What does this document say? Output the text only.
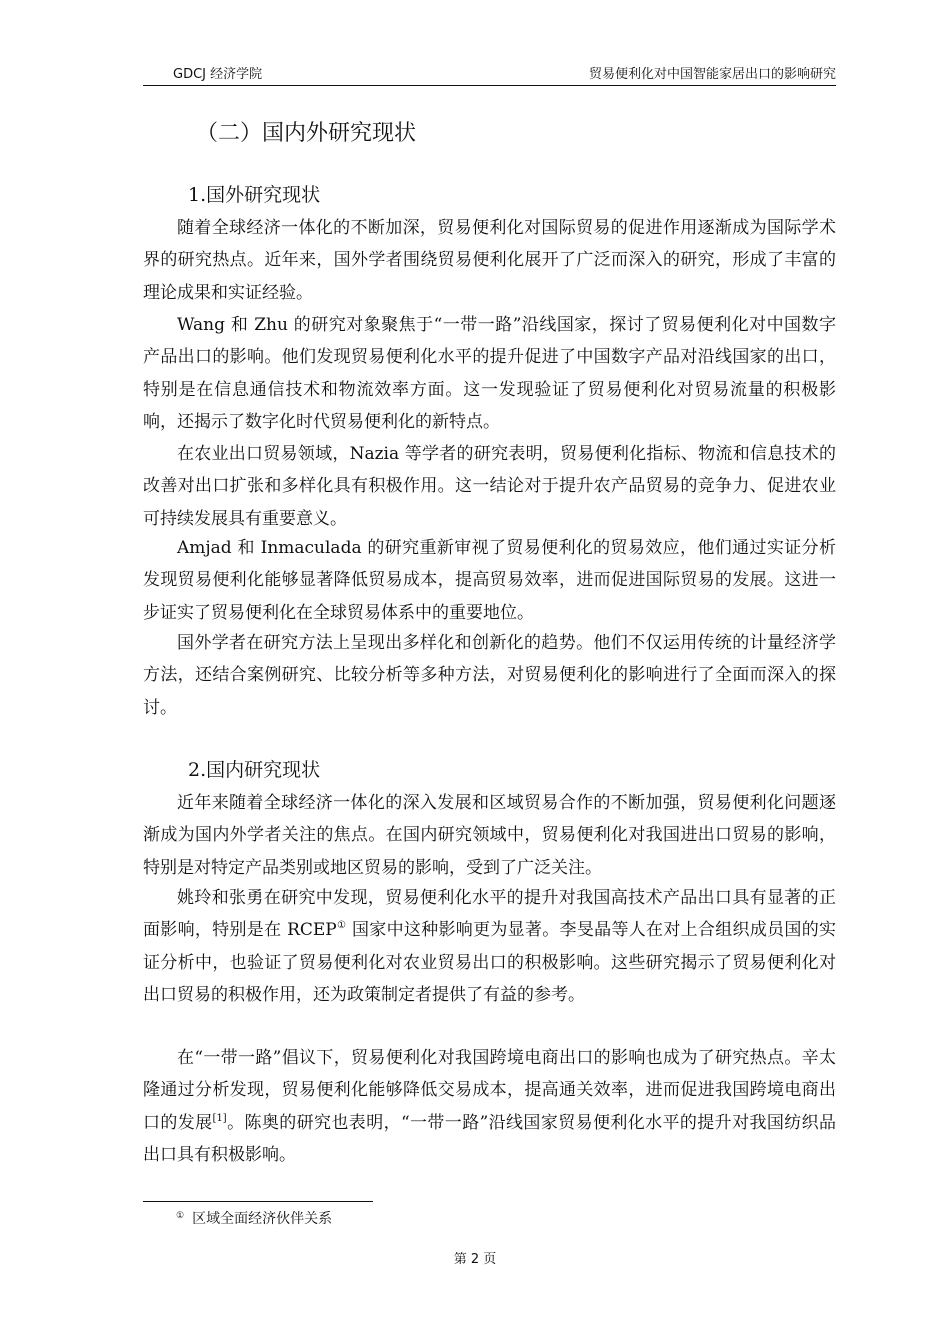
GDCJ 经济学院	贸易便利化对中国智能家居出口的影响研究
（二）国内外研究现状
1.国外研究现状

随着全球经济一体化的不断加深，贸易便利化对国际贸易的促进作用逐渐成为国际学术界的研究热点。近年来，国外学者围绕贸易便利化展开了广泛而深入的研究，形成了丰富的理论成果和实证经验。

Wang 和 Zhu 的研究对象聚焦于“一带一路”沿线国家，探讨了贸易便利化对中国数字产品出口的影响。他们发现贸易便利化水平的提升促进了中国数字产品对沿线国家的出口，特别是在信息通信技术和物流效率方面。这一发现验证了贸易便利化对贸易流量的积极影响，还揭示了数字化时代贸易便利化的新特点。

在农业出口贸易领域，Nazia 等学者的研究表明，贸易便利化指标、物流和信息技术的改善对出口扩张和多样化具有积极作用。这一结论对于提升农产品贸易的竞争力、促进农业可持续发展具有重要意义。

Amjad 和 Inmaculada 的研究重新审视了贸易便利化的贸易效应，他们通过实证分析发现贸易便利化能够显著降低贸易成本，提高贸易效率，进而促进国际贸易的发展。这进一步证实了贸易便利化在全球贸易体系中的重要地位。

国外学者在研究方法上呈现出多样化和创新化的趋势。他们不仅运用传统的计量经济学方法，还结合案例研究、比较分析等多种方法，对贸易便利化的影响进行了全面而深入的探讨。

2.国内研究现状

近年来随着全球经济一体化的深入发展和区域贸易合作的不断加强，贸易便利化问题逐渐成为国内外学者关注的焦点。在国内研究领域中，贸易便利化对我国进出口贸易的影响，特别是对特定产品类别或地区贸易的影响，受到了广泛关注。

姚玲和张勇在研究中发现，贸易便利化水平的提升对我国高技术产品出口具有显著的正面影响，特别是在 RCEP① 国家中这种影响更为显著。李旻晶等人在对上合组织成员国的实证分析中，也验证了贸易便利化对农业贸易出口的积极影响。这些研究揭示了贸易便利化对出口贸易的积极作用，还为政策制定者提供了有益的参考。

在“一带一路”倡议下，贸易便利化对我国跨境电商出口的影响也成为了研究热点。辛太隆通过分析发现，贸易便利化能够降低交易成本，提高通关效率，进而促进我国跨境电商出口的发展[1]。陈奥的研究也表明，“一带一路”沿线国家贸易便利化水平的提升对我国纺织品出口具有积极影响。

① 区域全面经济伙伴关系
第 2 页
